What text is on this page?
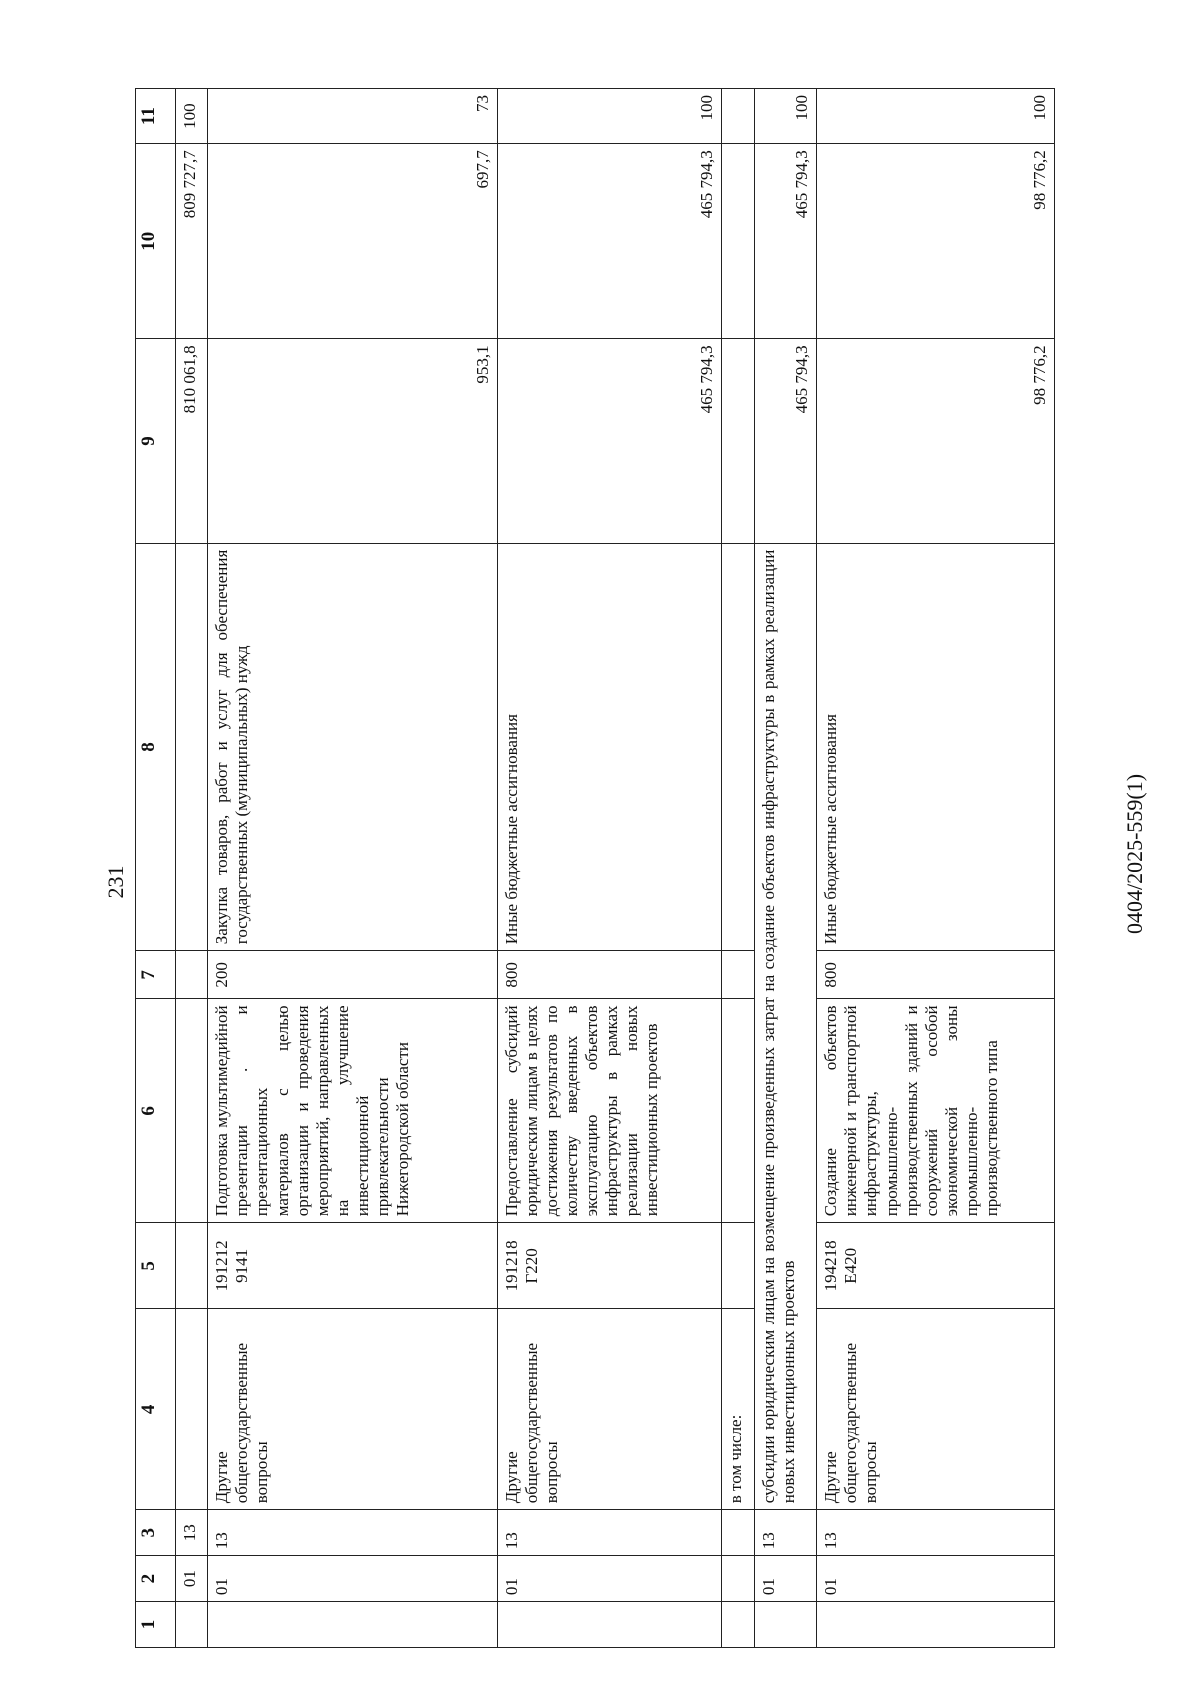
231	0404/2025-559(1)
1	2	3	4	5	6	7	8	9	10	11
	01	13						810 061,8	809 727,7	100
	01	13	Другие общегосударственные вопросы	191212 9141	Подготовка мультимедийной презентации . и презентационных материалов с целью организации и проведения мероприятий, направленных на улучшение инвестиционной привлекательности Нижегородской области	200	Закупка товаров, работ и услуг для обеспечения государственных (муниципальных) нужд	953,1	697,7	73
	01	13	Другие общегосударственные вопросы	191218 Г220	Предоставление субсидий юридическим лицам в целях достижения результатов по количеству введенных в эксплуатацию объектов инфраструктуры в рамках реализации новых инвестиционных проектов	800	Иные бюджетные ассигнования	465 794,3	465 794,3	100
			в том числе:							
	01	13	субсидии юридическим лицам на возмещение произведенных затрат на создание объектов инфраструктуры в рамках реализации новых инвестиционных проектов					465 794,3	465 794,3	100
	01	13	Другие общегосударственные вопросы	194218 Е420	Создание объектов инженерной и транспортной инфраструктуры, промышленно-производственных зданий и сооружений особой экономической зоны промышленно-производственного типа	800	Иные бюджетные ассигнования	98 776,2	98 776,2	100
